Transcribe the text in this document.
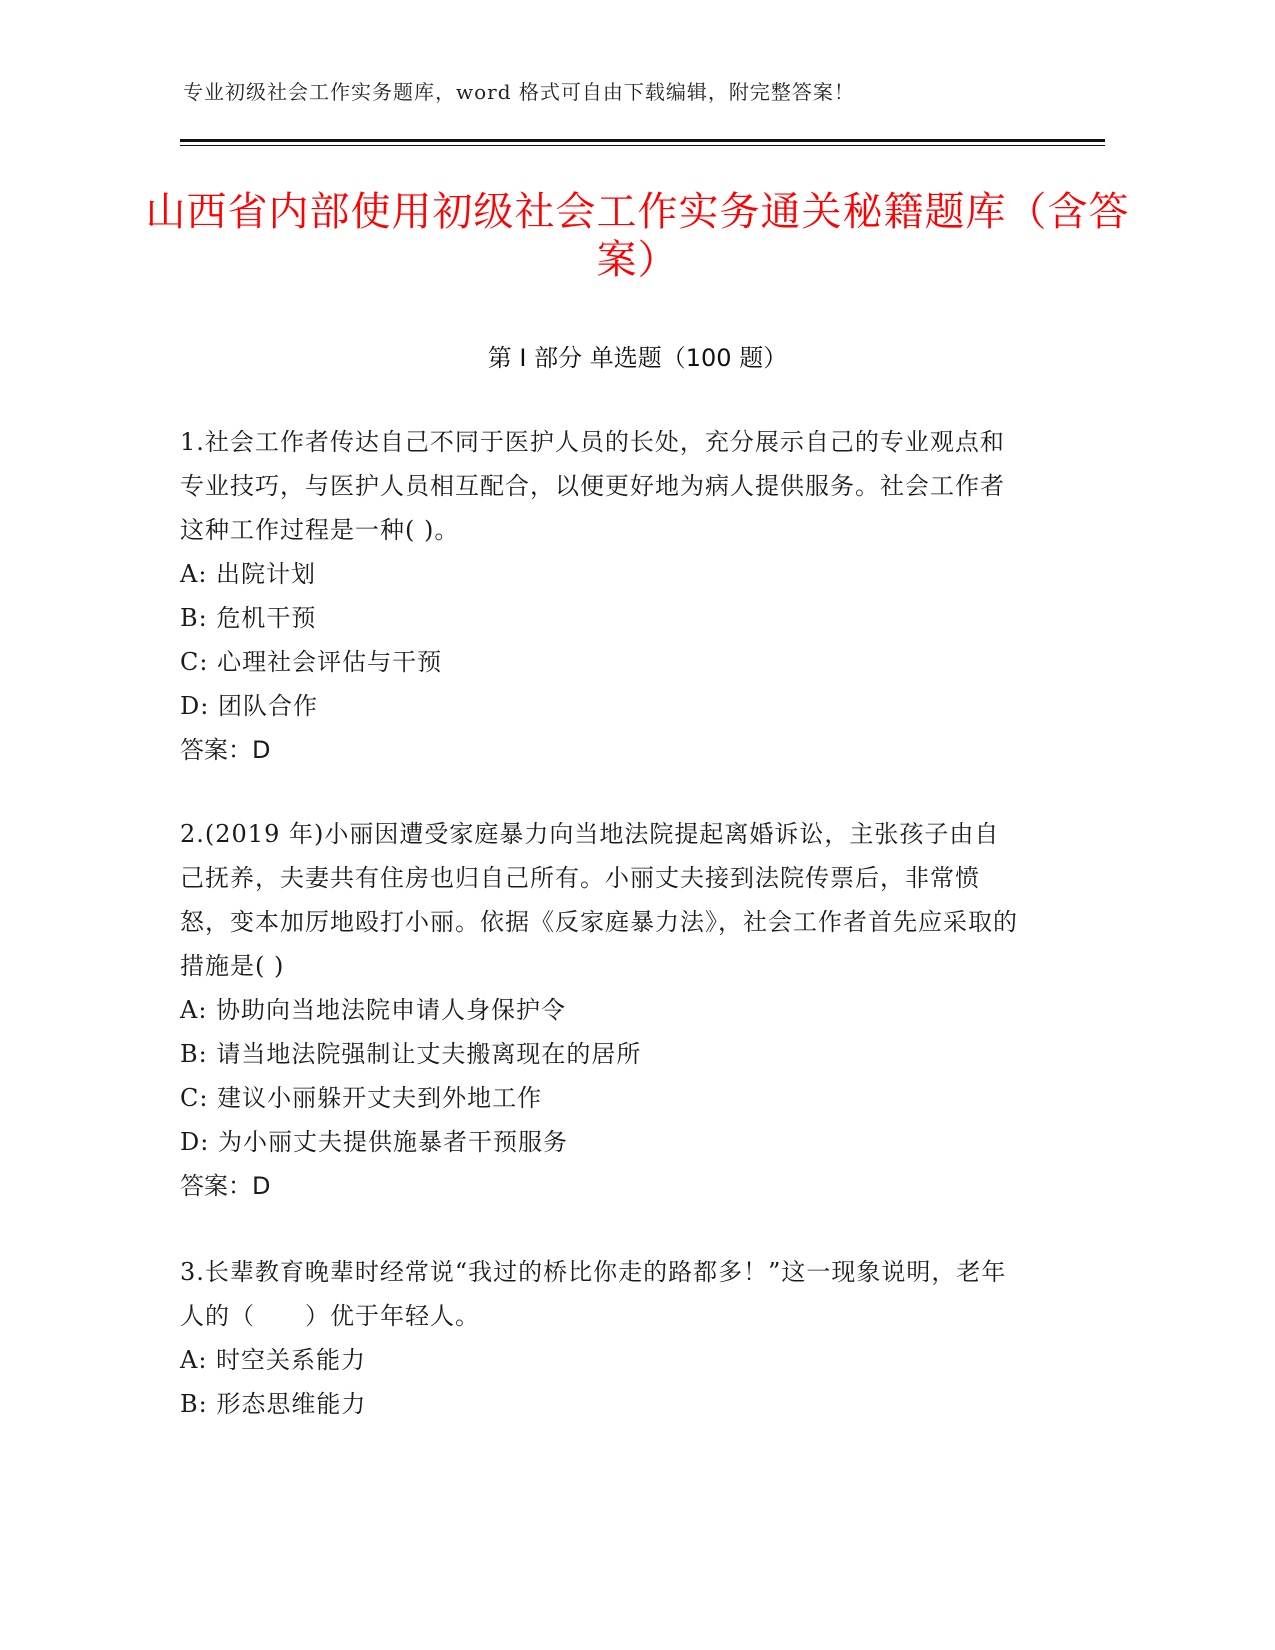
专业初级社会工作实务题库，word 格式可自由下载编辑，附完整答案！
山西省内部使用初级社会工作实务通关秘籍题库（含答案）
第 I 部分 单选题（100 题）

1.社会工作者传达自己不同于医护人员的长处，充分展示自己的专业观点和专业技巧，与医护人员相互配合，以便更好地为病人提供服务。社会工作者这种工作过程是一种( )。

A: 出院计划

B: 危机干预

C: 心理社会评估与干预

D: 团队合作

答案：D

2.(2019 年)小丽因遭受家庭暴力向当地法院提起离婚诉讼，主张孩子由自己抚养，夫妻共有住房也归自己所有。小丽丈夫接到法院传票后，非常愤怒，变本加厉地殴打小丽。依据《反家庭暴力法》，社会工作者首先应采取的措施是( )

A: 协助向当地法院申请人身保护令

B: 请当地法院强制让丈夫搬离现在的居所

C: 建议小丽躲开丈夫到外地工作

D: 为小丽丈夫提供施暴者干预服务

答案：D

3.长辈教育晚辈时经常说“我过的桥比你走的路都多！”这一现象说明，老年人的（　　）优于年轻人。

A: 时空关系能力

B: 形态思维能力
